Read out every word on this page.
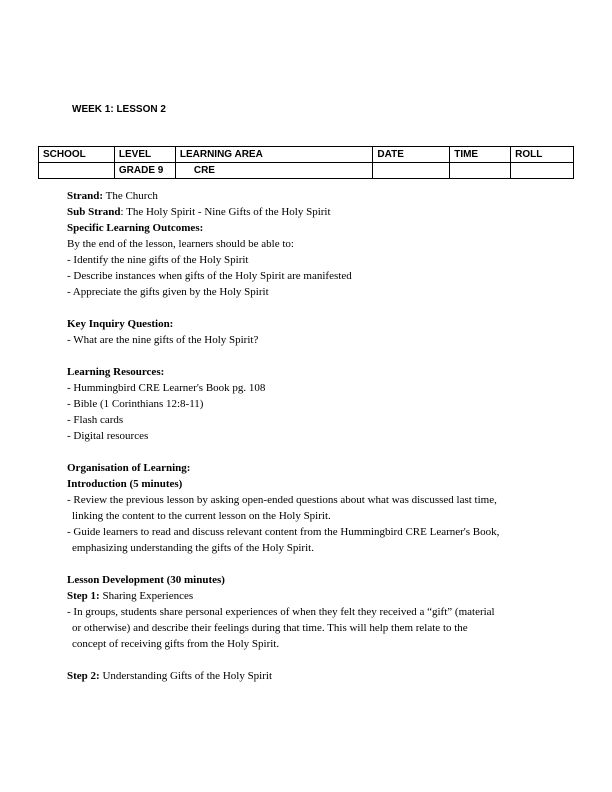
WEEK 1: LESSON 2
SCHOOL	LEVEL	LEARNING AREA	DATE	TIME	ROLL
	GRADE 9	CRE			

Strand: The Church

Sub Strand: The Holy Spirit - Nine Gifts of the Holy Spirit

Specific Learning Outcomes:

By the end of the lesson, learners should be able to:

- Identify the nine gifts of the Holy Spirit

- Describe instances when gifts of the Holy Spirit are manifested

- Appreciate the gifts given by the Holy Spirit

Key Inquiry Question:

- What are the nine gifts of the Holy Spirit?

Learning Resources:

- Hummingbird CRE Learner's Book pg. 108

- Bible (1 Corinthians 12:8-11)

- Flash cards

- Digital resources

Organisation of Learning:

Introduction (5 minutes)

- Review the previous lesson by asking open-ended questions about what was discussed last time,

linking the content to the current lesson on the Holy Spirit.

- Guide learners to read and discuss relevant content from the Hummingbird CRE Learner's Book,

emphasizing understanding the gifts of the Holy Spirit.

Lesson Development (30 minutes)

Step 1: Sharing Experiences

- In groups, students share personal experiences of when they felt they received a “gift” (material

or otherwise) and describe their feelings during that time. This will help them relate to the

concept of receiving gifts from the Holy Spirit.

Step 2: Understanding Gifts of the Holy Spirit
